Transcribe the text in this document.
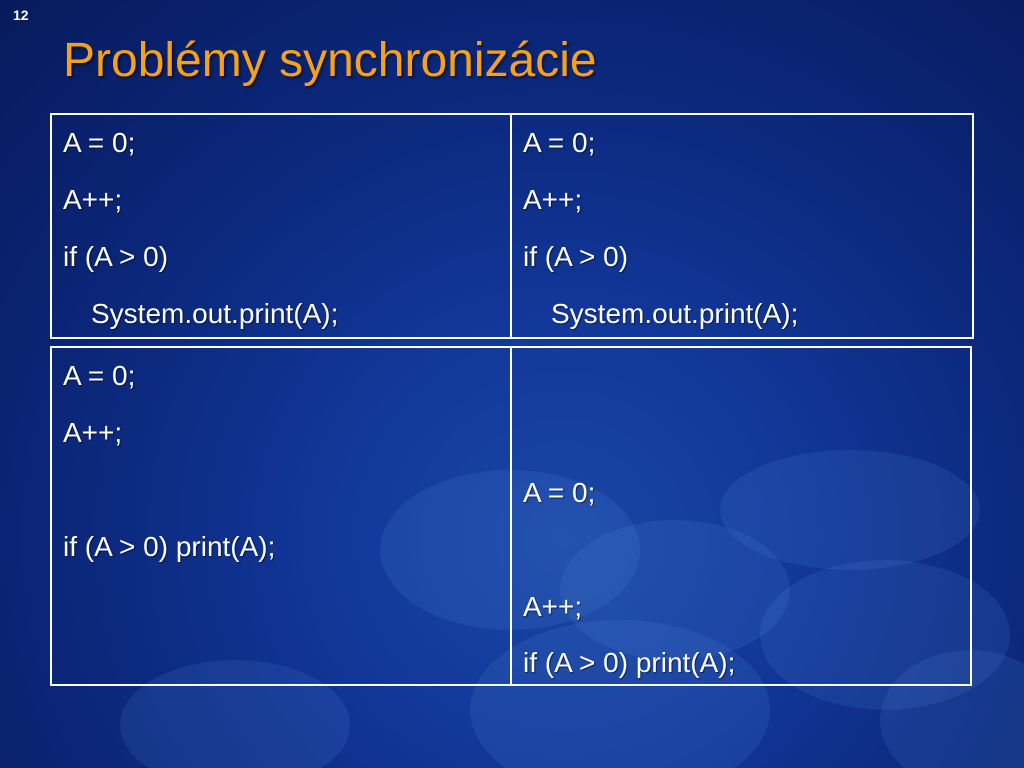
12
Problémy synchronizácie
A = 0;
A++;
if (A > 0)
System.out.print(A);
A = 0;
A++;
if (A > 0)
System.out.print(A);
A = 0;
A++;
if (A > 0) print(A);
A = 0;
A++;
if (A > 0) print(A);
